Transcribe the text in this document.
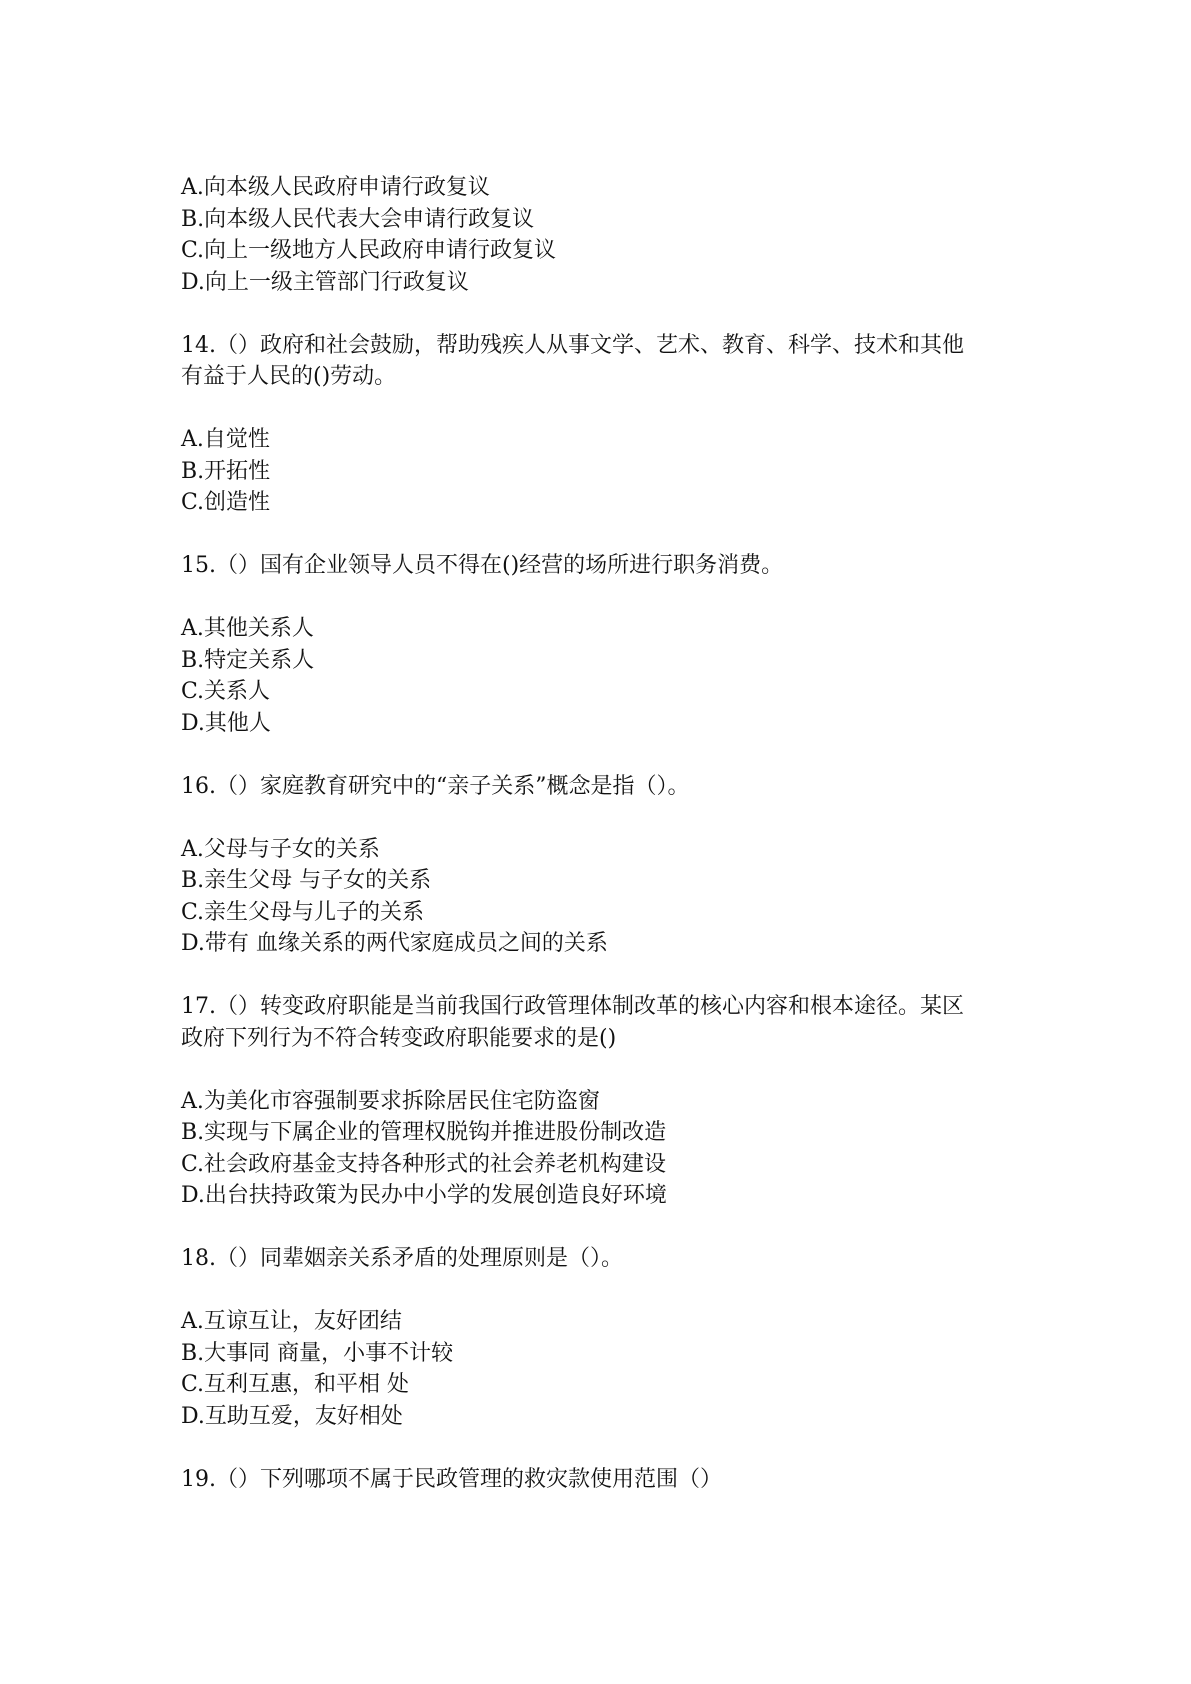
A.向本级人民政府申请行政复议
B.向本级人民代表大会申请行政复议
C.向上一级地方人民政府申请行政复议
D.向上一级主管部门行政复议
14.（）政府和社会鼓励，帮助残疾人从事文学、艺术、教育、科学、技术和其他
有益于人民的()劳动。
A.自觉性
B.开拓性
C.创造性
15.（）国有企业领导人员不得在()经营的场所进行职务消费。
A.其他关系人
B.特定关系人
C.关系人
D.其他人
16.（）家庭教育研究中的“亲子关系”概念是指（）。
A.父母与子女的关系
B.亲生父母 与子女的关系
C.亲生父母与儿子的关系
D.带有 血缘关系的两代家庭成员之间的关系
17.（）转变政府职能是当前我国行政管理体制改革的核心内容和根本途径。某区
政府下列行为不符合转变政府职能要求的是()
A.为美化市容强制要求拆除居民住宅防盗窗
B.实现与下属企业的管理权脱钩并推进股份制改造
C.社会政府基金支持各种形式的社会养老机构建设
D.出台扶持政策为民办中小学的发展创造良好环境
18.（）同辈姻亲关系矛盾的处理原则是（）。
A.互谅互让，友好团结
B.大事同 商量，小事不计较
C.互利互惠，和平相 处
D.互助互爱，友好相处
19.（）下列哪项不属于民政管理的救灾款使用范围（）
